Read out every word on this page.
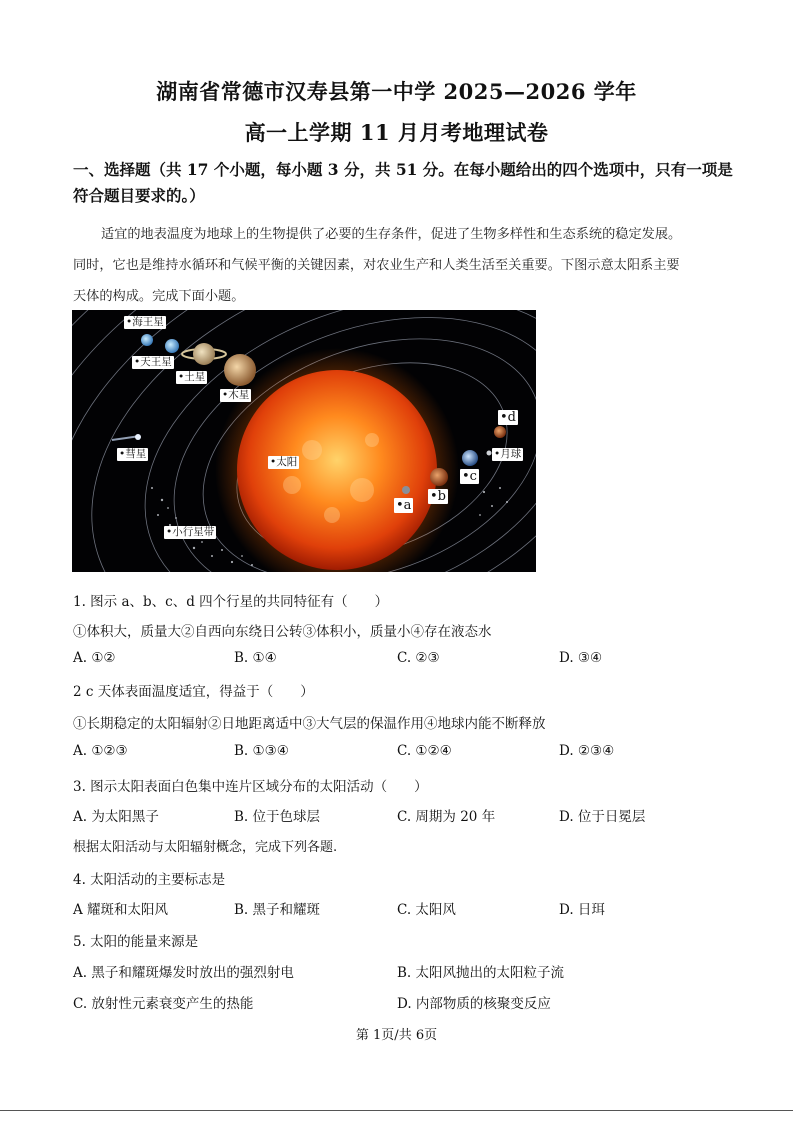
湖南省常德市汉寿县第一中学 2025—2026 学年
高一上学期 11 月月考地理试卷
一、选择题（共 17 个小题，每小题 3 分，共 51 分。在每小题给出的四个选项中，只有一项是符合题目要求的。）
适宜的地表温度为地球上的生物提供了必要的生存条件，促进了生物多样性和生态系统的稳定发展。
同时，它也是维持水循环和气候平衡的关键因素，对农业生产和人类生活至关重要。下图示意太阳系主要
天体的构成。完成下面小题。
•海王星
•天王星
•土星
•木星
•彗星
•太阳
•小行星带
•d
•月球
•c
•b
•a
1. 图示 a、b、c、d 四个行星的共同特征有（　　）
①体积大，质量大②自西向东绕日公转③体积小，质量小④存在液态水
A. ①②	B. ①④	C. ②③	D. ③④
2 c 天体表面温度适宜，得益于（　　）
①长期稳定的太阳辐射②日地距离适中③大气层的保温作用④地球内能不断释放
A. ①②③	B. ①③④	C. ①②④	D. ②③④
3. 图示太阳表面白色集中连片区域分布的太阳活动（　　）
A. 为太阳黑子	B. 位于色球层	C. 周期为 20 年	D. 位于日冕层
根据太阳活动与太阳辐射概念，完成下列各题.
4. 太阳活动的主要标志是
A 耀斑和太阳风	B. 黑子和耀斑	C. 太阳风	D. 日珥
5. 太阳的能量来源是
A. 黑子和耀斑爆发时放出的强烈射电	B. 太阳风抛出的太阳粒子流
C. 放射性元素衰变产生的热能	D. 内部物质的核聚变反应
第 1页/共 6页
